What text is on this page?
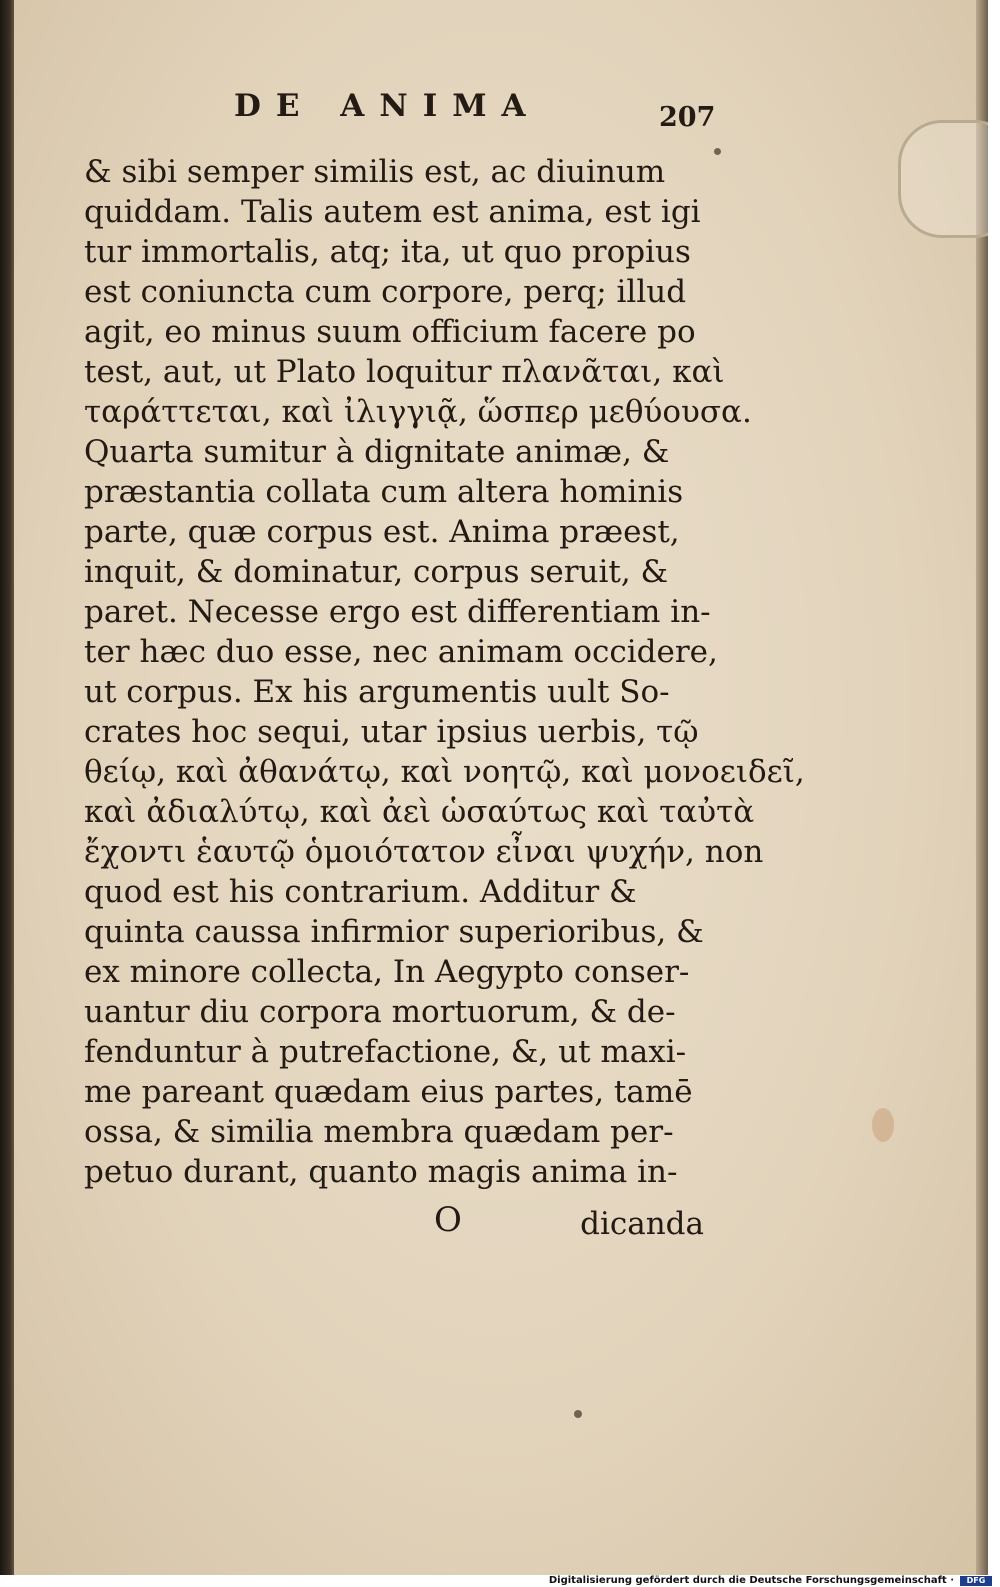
DE ANIMA	207
& sibi semper similis est, ac diuinum
quiddam. Talis autem est anima, est igi
tur immortalis, atq; ita, ut quo propius
est coniuncta cum corpore, perq; illud
agit, eo minus suum officium facere po
test, aut, ut Plato loquitur πλανᾶται, καὶ
ταράττεται, καὶ ἰλιγγιᾷ, ὥσπερ μεθύουσα.
Quarta sumitur à dignitate animæ, &
præstantia collata cum altera hominis
parte, quæ corpus est. Anima præest,
inquit, & dominatur, corpus seruit, &
paret. Necesse ergo est differentiam in-
ter hæc duo esse, nec animam occidere,
ut corpus. Ex his argumentis uult So-
crates hoc sequi, utar ipsius uerbis, τῷ
θείῳ, καὶ ἀθανάτῳ, καὶ νοητῷ, καὶ μονοειδεῖ,
καὶ ἀδιαλύτῳ, καὶ ἀεὶ ὡσαύτως καὶ ταὐτὰ
ἔχοντι ἑαυτῷ ὁμοιότατον εἶναι ψυχήν, non
quod est his contrarium. Additur &
quinta caussa infirmior superioribus, &
ex minore collecta, In Aegypto conser-
uantur diu corpora mortuorum, & de-
fenduntur à putrefactione, &, ut maxi-
me pareant quædam eius partes, tamē
ossa, & similia membra quædam per-
petuo durant, quanto magis anima in-
O	dicanda
Digitalisierung gefördert durch die Deutsche Forschungsgemeinschaft ·	DFG
